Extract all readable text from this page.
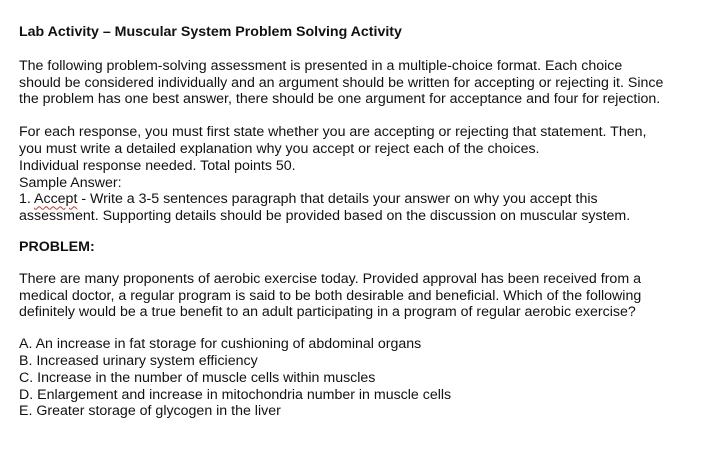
Lab Activity – Muscular System Problem Solving Activity

The following problem-solving assessment is presented in a multiple-choice format. Each choice
should be considered individually and an argument should be written for accepting or rejecting it. Since
the problem has one best answer, there should be one argument for acceptance and four for rejection.

For each response, you must first state whether you are accepting or rejecting that statement. Then,
you must write a detailed explanation why you accept or reject each of the choices.
Individual response needed. Total points 50.
Sample Answer:
1. Accept - Write a 3-5 sentences paragraph that details your answer on why you accept this
assessment. Supporting details should be provided based on the discussion on muscular system.

PROBLEM:

There are many proponents of aerobic exercise today. Provided approval has been received from a
medical doctor, a regular program is said to be both desirable and beneficial. Which of the following
definitely would be a true benefit to an adult participating in a program of regular aerobic exercise?

A. An increase in fat storage for cushioning of abdominal organs
B. Increased urinary system efficiency
C. Increase in the number of muscle cells within muscles
D. Enlargement and increase in mitochondria number in muscle cells
E. Greater storage of glycogen in the liver
